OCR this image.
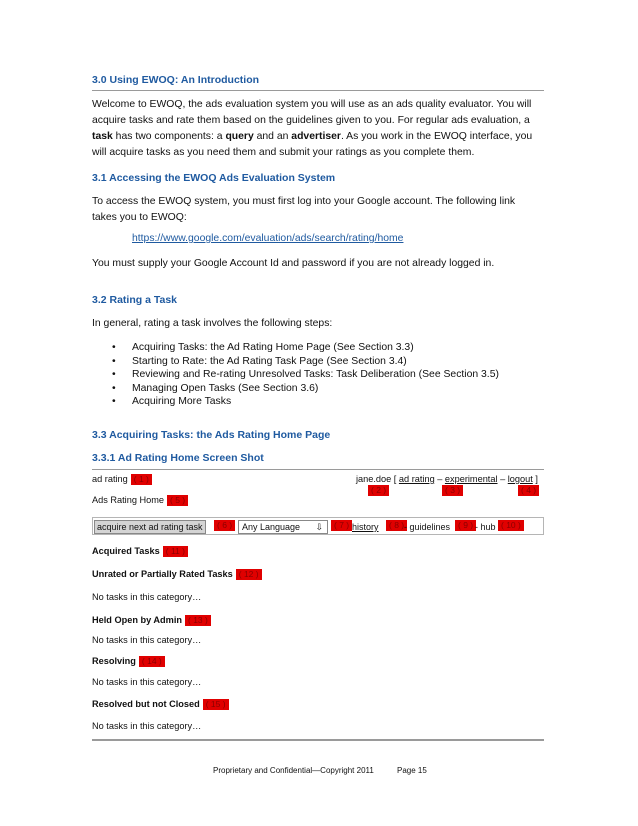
3.0 Using EWOQ: An Introduction
Welcome to EWOQ, the ads evaluation system you will use as an ads quality evaluator. You will
acquire tasks and rate them based on the guidelines given to you. For regular ads evaluation, a
task has two components: a query and an advertiser. As you work in the EWOQ interface, you
will acquire tasks as you need them and submit your ratings as you complete them.
3.1 Accessing the EWOQ Ads Evaluation System
To access the EWOQ system, you must first log into your Google account. The following link
takes you to EWOQ:
https://www.google.com/evaluation/ads/search/rating/home
You must supply your Google Account Id and password if you are not already logged in.
3.2 Rating a Task
In general, rating a task involves the following steps:
• Acquiring Tasks: the Ad Rating Home Page (See Section 3.3)
• Starting to Rate: the Ad Rating Task Page (See Section 3.4)
• Reviewing and Re-rating Unresolved Tasks: Task Deliberation (See Section 3.5)
• Managing Open Tasks (See Section 3.6)
• Acquiring More Tasks
3.3 Acquiring Tasks: the Ads Rating Home Page
3.3.1 Ad Rating Home Screen Shot
ad rating ( 1 )	jane.doe [ ad rating – experimental – logout ]
( 2 )	( 3 )	( 4 )
Ads Rating Home ( 5 )
acquire next ad rating task	( 6 )	Any Language ⇩	( 7 ) history	( 8 ) - guidelines ( 9 ) - hub ( 10 )
Acquired Tasks ( 11 )
Unrated or Partially Rated Tasks ( 12 )
No tasks in this category…
Held Open by Admin ( 13 )
No tasks in this category…
Resolving ( 14 )
No tasks in this category…
Resolved but not Closed ( 15 )
No tasks in this category…
Proprietary and Confidential—Copyright 2011	Page 15
